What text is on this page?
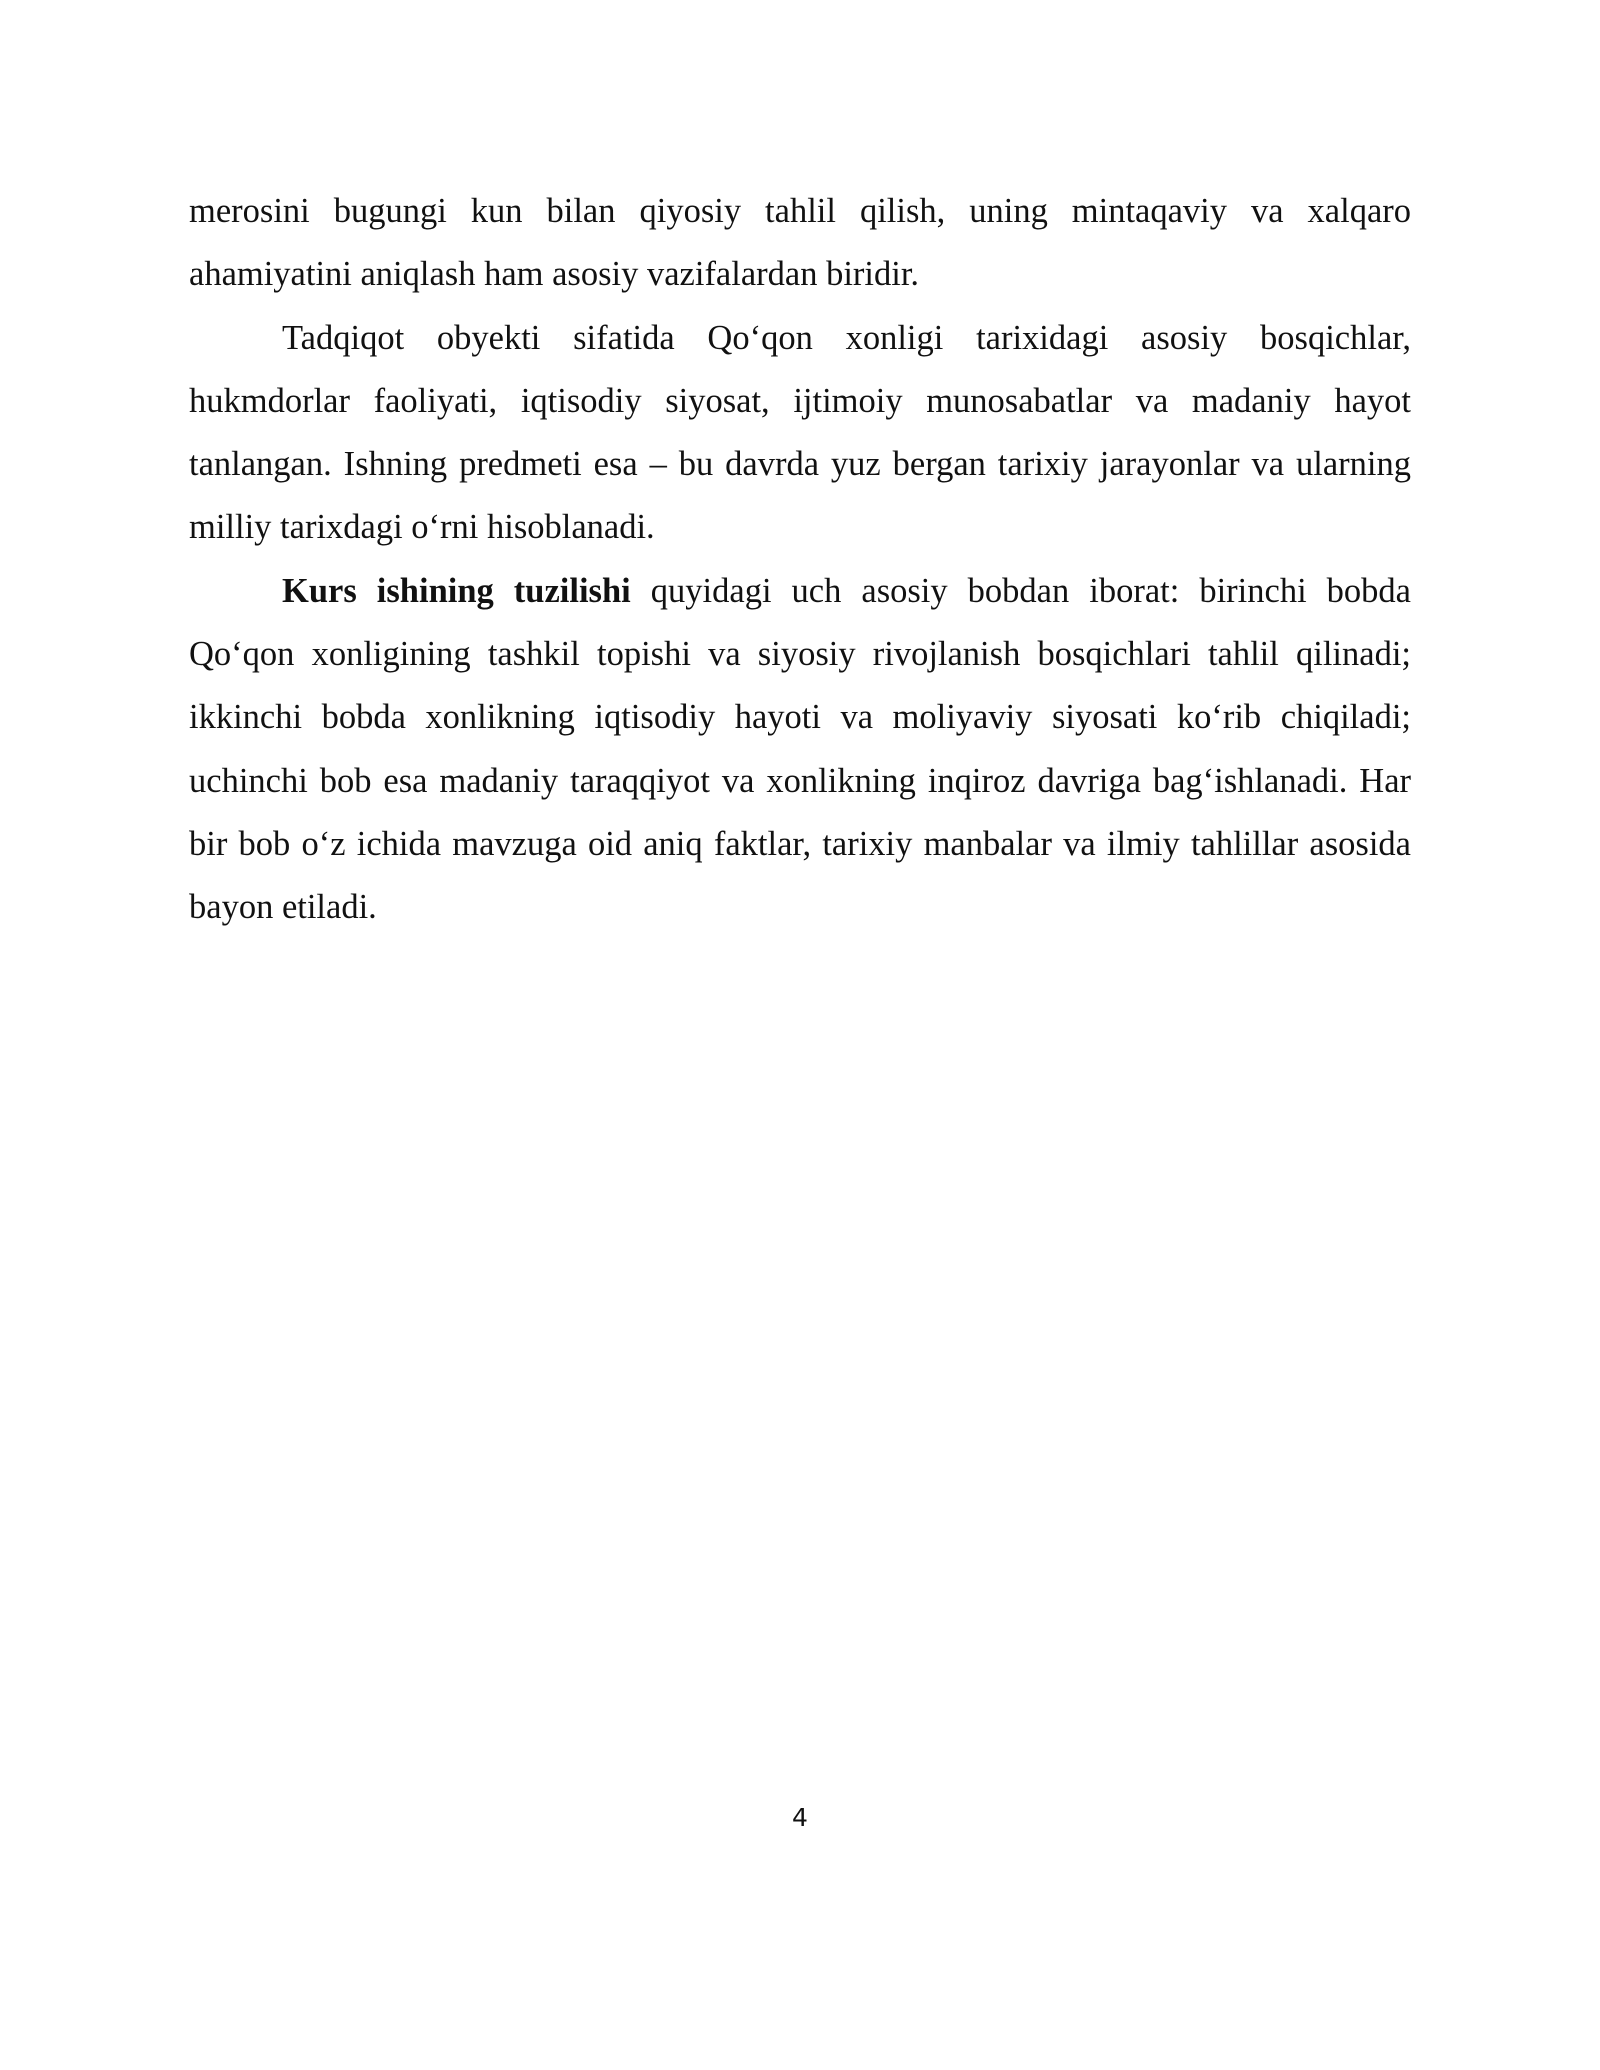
merosini bugungi kun bilan qiyosiy tahlil qilish, uning mintaqaviy va xalqaro ahamiyatini aniqlash ham asosiy vazifalardan biridir.

Tadqiqot obyekti sifatida Qo‘qon xonligi tarixidagi asosiy bosqichlar, hukmdorlar faoliyati, iqtisodiy siyosat, ijtimoiy munosabatlar va madaniy hayot tanlangan. Ishning predmeti esa – bu davrda yuz bergan tarixiy jarayonlar va ularning milliy tarixdagi o‘rni hisoblanadi.

Kurs ishining tuzilishi quyidagi uch asosiy bobdan iborat: birinchi bobda Qo‘qon xonligining tashkil topishi va siyosiy rivojlanish bosqichlari tahlil qilinadi; ikkinchi bobda xonlikning iqtisodiy hayoti va moliyaviy siyosati ko‘rib chiqiladi; uchinchi bob esa madaniy taraqqiyot va xonlikning inqiroz davriga bag‘ishlanadi. Har bir bob o‘z ichida mavzuga oid aniq faktlar, tarixiy manbalar va ilmiy tahlillar asosida bayon etiladi.

4
